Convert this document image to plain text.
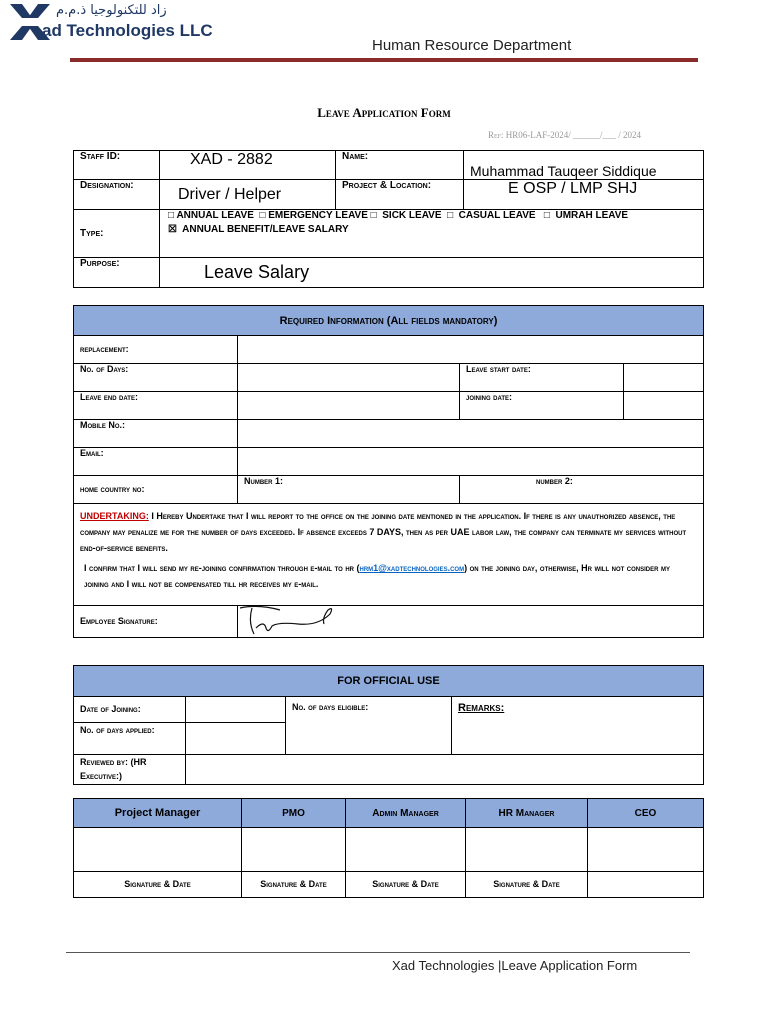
زاد للتكنولوجيا ذ.م.م
ad Technologies LLC
Human Resource Department
Leave Application Form
Ref: HR06-LAF-2024/ ______/___ / 2024
Staff ID:	XAD - 2882	Name:	Muhammad Tauqeer Siddique
Designation:	Driver / Helper	Project & Location:	E OSP / LMP SHJ
Type:	□ ANNUAL LEAVE  □ EMERGENCY LEAVE □  SICK LEAVE  □  CASUAL LEAVE   □  UMRAH LEAVE
☒  ANNUAL BENEFIT/LEAVE SALARY		

Purpose:	Leave Salary		
Required Information (All fields mandatory)			
replacement:			
No. of Days:		Leave start date:	
Leave end date:		joining date:	
Mobile No.:			
Email:			
home country no:	Number 1:	number 2:	

UNDERTAKING: I Hereby Undertake that I will report to the office on the joining date mentioned in the application. If there is any unauthorized absence, the company may penalize me for the number of days exceeded. If absence exceeds 7 DAYS, then as per UAE labor law, the company can terminate my services without end-of-service benefits.
I confirm that I will send my re-joining confirmation through e-mail to hr (hrm1@xadtechnologies.com) on the joining day, otherwise, Hr will not consider my joining and I will not be compensated till hr receives my e-mail.			

Employee Signature:	
FOR OFFICIAL USE			
Date of Joining:		No. of days eligible:	Remarks:

No. of days applied:			

Reviewed by: (HR Executive:)			

Project Manager	PMO	Admin Manager	HR Manager	CEO

Signature & Date	Signature & Date	Signature & Date	Signature & Date	
Xad Technologies |Leave Application Form
